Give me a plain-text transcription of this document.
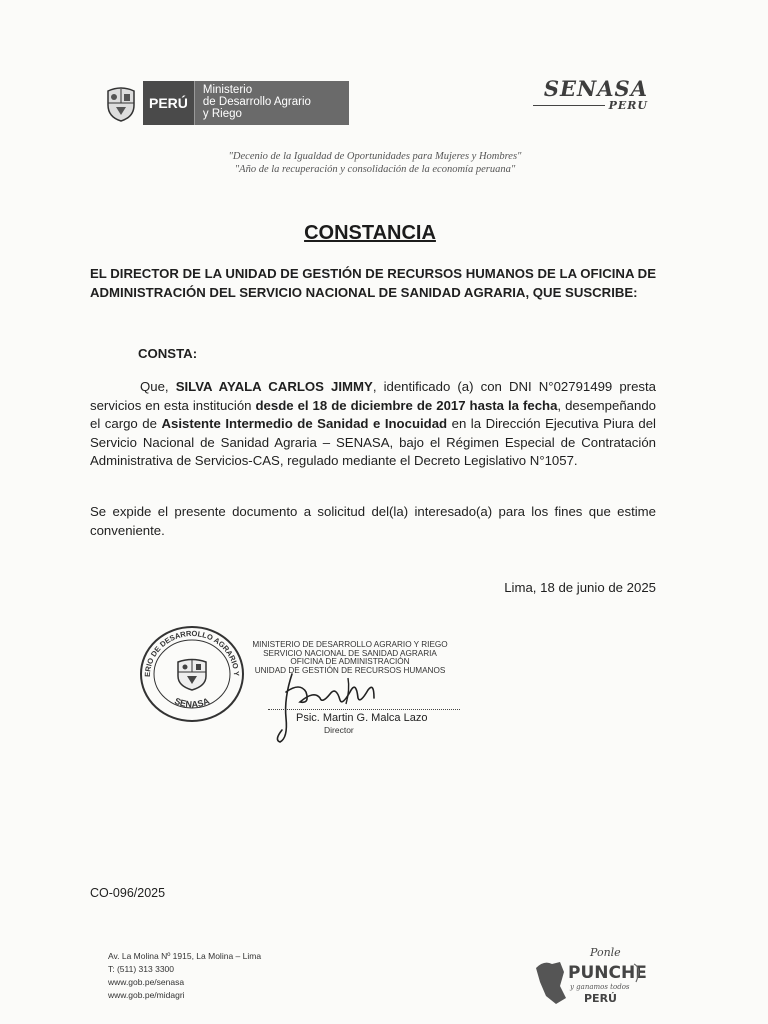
PERÚ
Ministerio
de Desarrollo Agrario
y Riego
SENASA
PERU
"Decenio de la Igualdad de Oportunidades para Mujeres y Hombres"
"Año de la recuperación y consolidación de la economía peruana"
CONSTANCIA
EL DIRECTOR DE LA UNIDAD DE GESTIÓN DE RECURSOS HUMANOS DE LA OFICINA DE ADMINISTRACIÓN DEL SERVICIO NACIONAL DE SANIDAD AGRARIA, QUE SUSCRIBE:
CONSTA:
Que, SILVA AYALA CARLOS JIMMY, identificado (a) con DNI N°02791499 presta servicios en esta institución desde el 18 de diciembre de 2017 hasta la fecha, desempeñando el cargo de Asistente Intermedio de Sanidad e Inocuidad en la Dirección Ejecutiva Piura del Servicio Nacional de Sanidad Agraria – SENASA, bajo el Régimen Especial de Contratación Administrativa de Servicios-CAS, regulado mediante el Decreto Legislativo N°1057.
Se expide el presente documento a solicitud del(la) interesado(a) para los fines que estime conveniente.
Lima, 18 de junio de 2025
ERIO DE DESARROLLO AGRARIO Y
SENASA
MINISTERIO DE DESARROLLO AGRARIO Y RIEGO
SERVICIO NACIONAL DE SANIDAD AGRARIA
OFICINA DE ADMINISTRACIÓN
UNIDAD DE GESTIÓN DE RECURSOS HUMANOS
Psic. Martin G. Malca Lazo
Director
CO-096/2025
Av. La Molina Nº 1915, La Molina – Lima
T: (511) 313 3300
www.gob.pe/senasa
www.gob.pe/midagri
Ponle
PUNCHE
y ganamos todos
PERÚ
